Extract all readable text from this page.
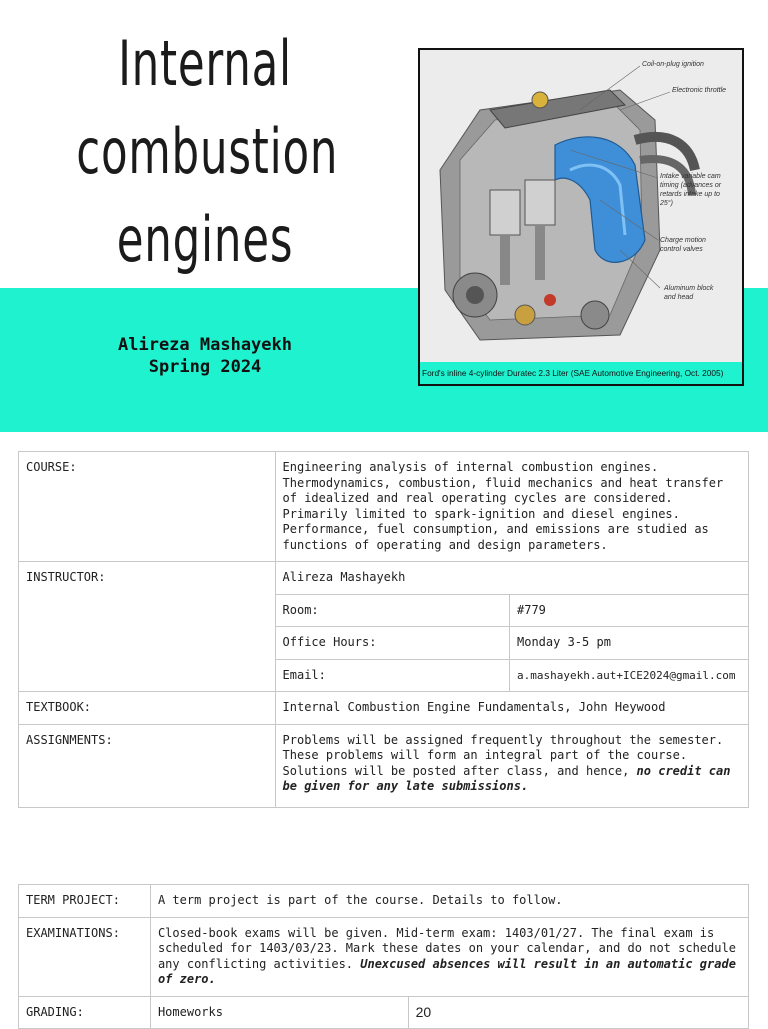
Internal
combustion
engines
Alireza Mashayekh
Spring 2024
Coil-on-plug ignition
Electronic throttle
Intake variable cam timing (advances or retards intake up to 25°)
Charge motion control valves
Aluminum block and head
Ford's inline 4-cylinder Duratec 2.3 Liter (SAE Automotive Engineering, Oct. 2005)
COURSE:	Engineering analysis of internal combustion engines. Thermodynamics, combustion, fluid mechanics and heat transfer of idealized and real operating cycles are considered. Primarily limited to spark-ignition and diesel engines. Performance, fuel consumption, and emissions are studied as functions of operating and design parameters.	
INSTRUCTOR:	Alireza Mashayekh	
	Room:	#779
	Office Hours:	Monday 3-5 pm
	Email:	a.mashayekh.aut+ICE2024@gmail.com
TEXTBOOK:	Internal Combustion Engine Fundamentals, John Heywood	
ASSIGNMENTS:	Problems will be assigned frequently throughout the semester. These problems will form an integral part of the course. Solutions will be posted after class, and hence, no credit can be given for any late submissions.	
TERM PROJECT:	A term project is part of the course. Details to follow.	
EXAMINATIONS:	Closed-book exams will be given. Mid-term exam: 1403/01/27. The final exam is scheduled for 1403/03/23. Mark these dates on your calendar, and do not schedule any conflicting activities. Unexcused absences will result in an automatic grade of zero.	
GRADING:	Homeworks	20
